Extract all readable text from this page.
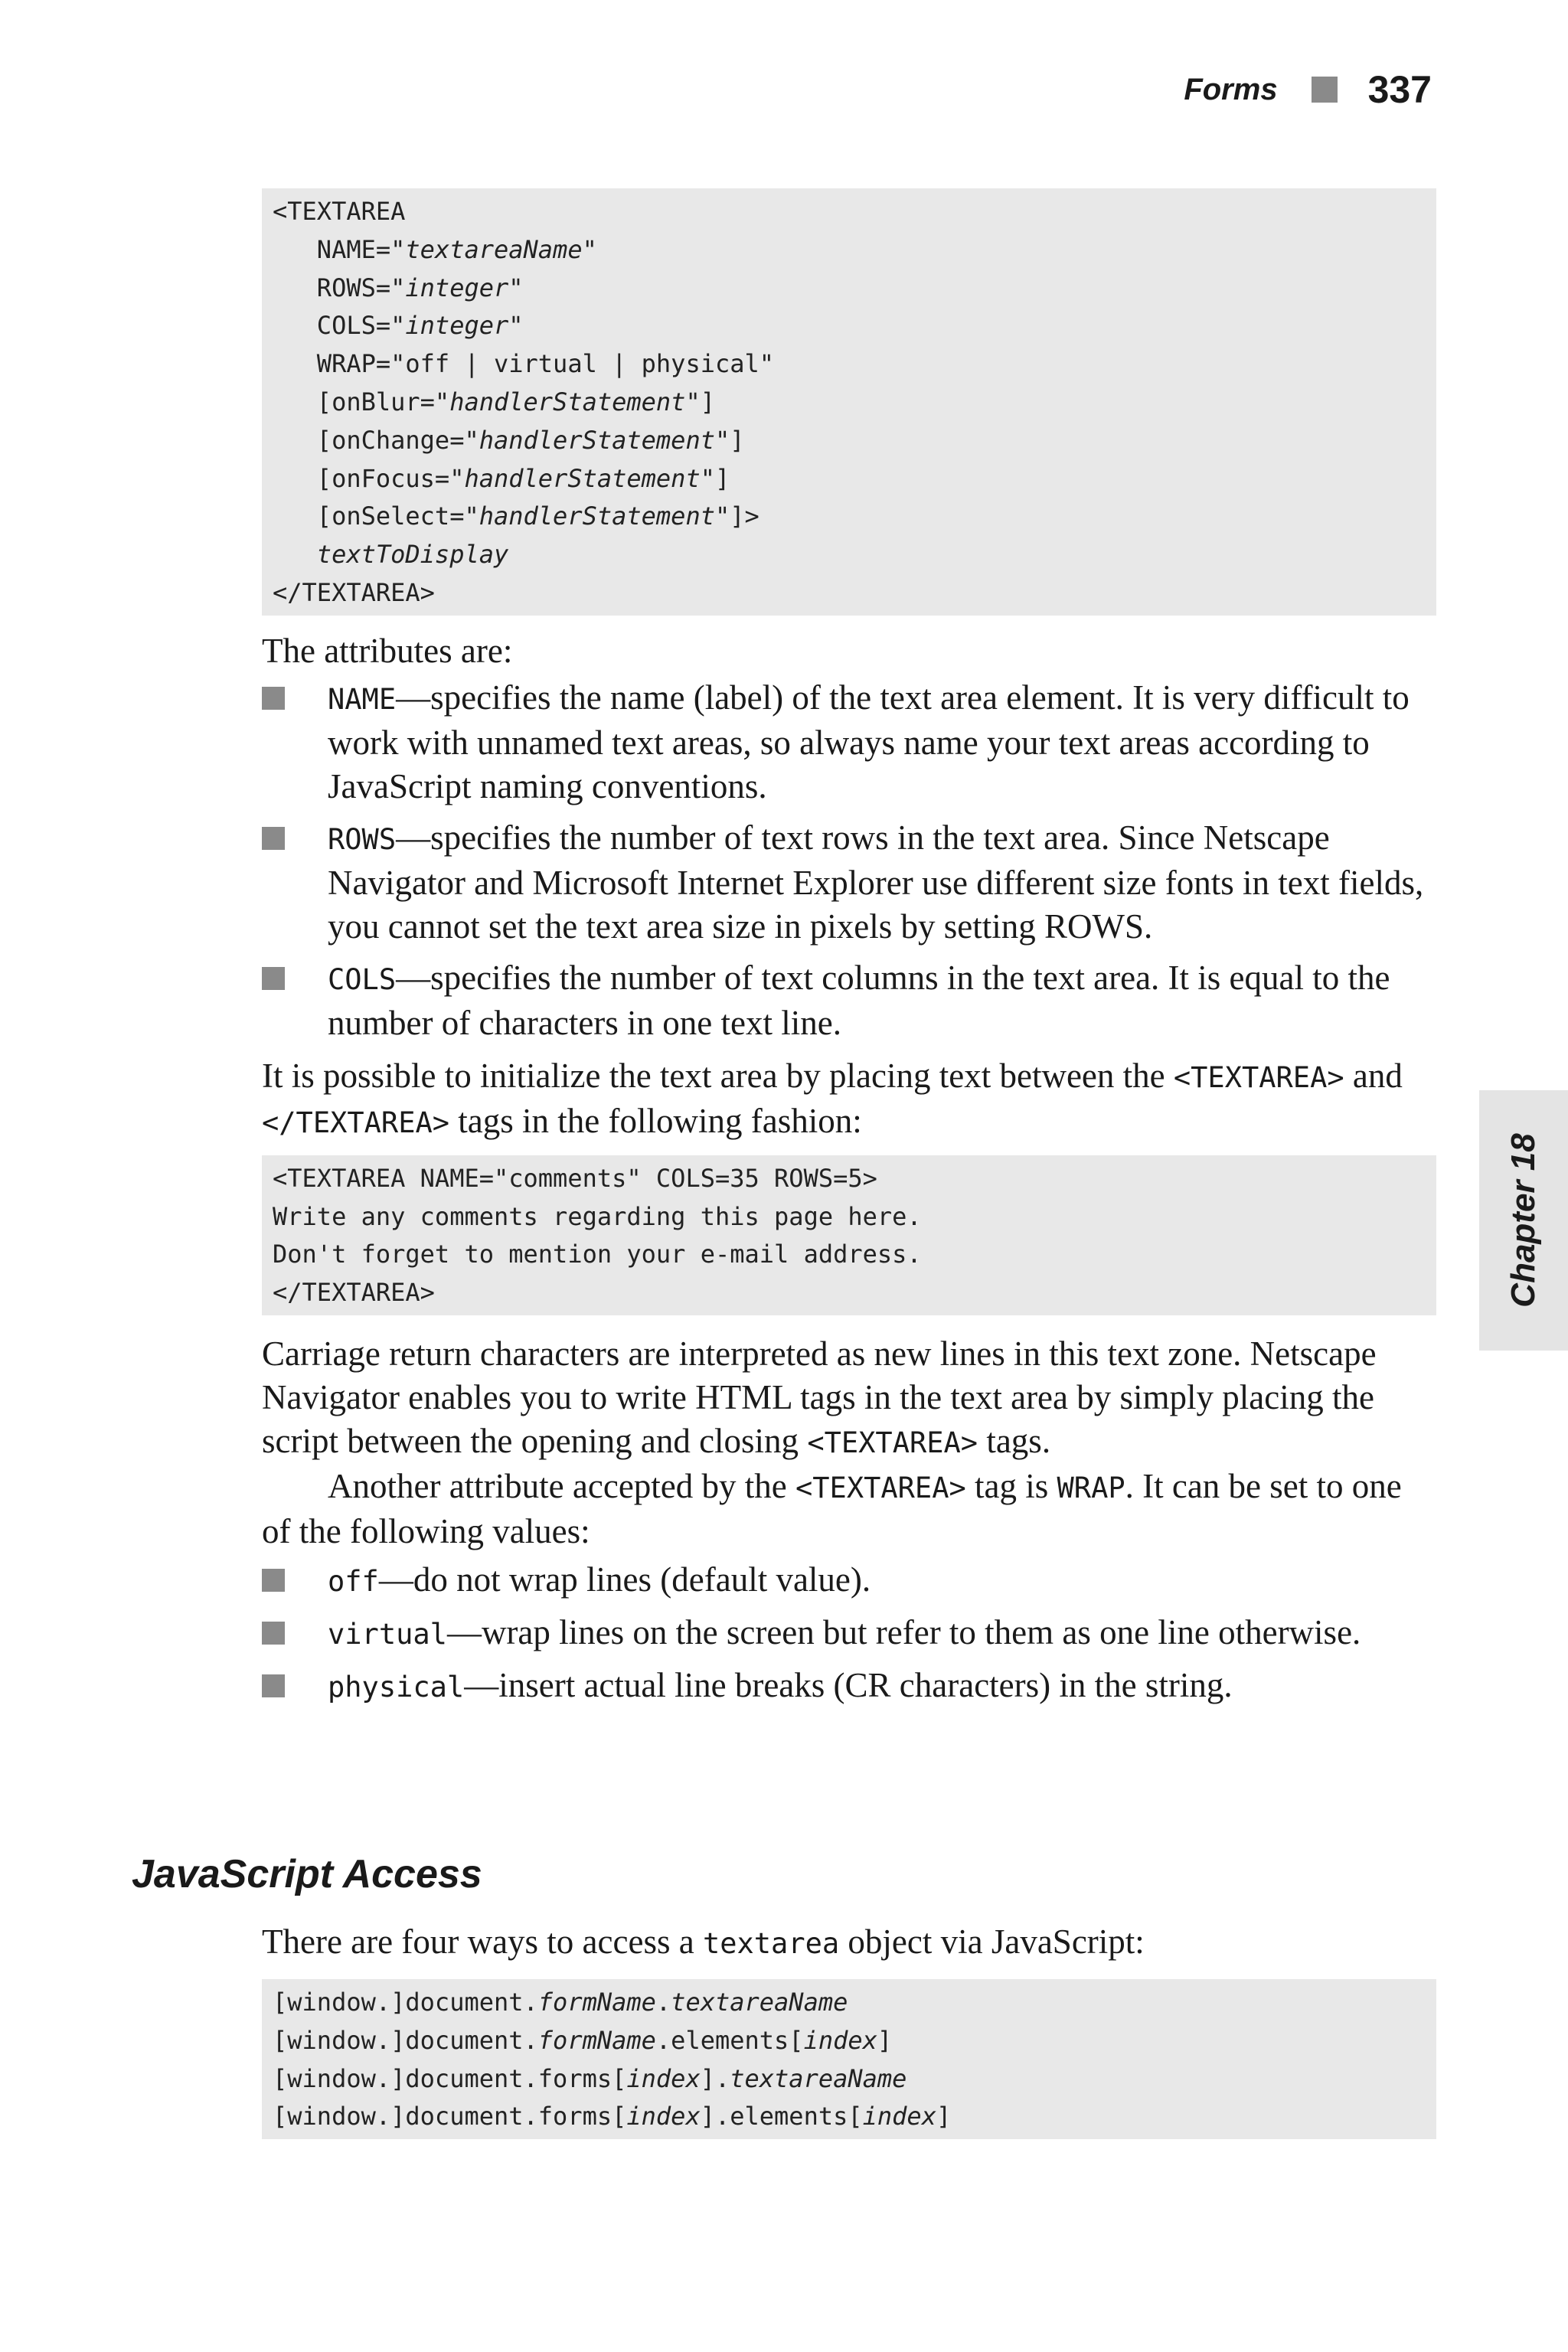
Forms 337
Chapter 18
<TEXTAREA
NAME="textareaName"
ROWS="integer"
COLS="integer"
WRAP="off | virtual | physical"
[onBlur="handlerStatement"]
[onChange="handlerStatement"]
[onFocus="handlerStatement"]
[onSelect="handlerStatement"]>
textToDisplay
</TEXTAREA>

The attributes are:

NAME—specifies the name (label) of the text area element. It is very difficult to work with unnamed text areas, so always name your text areas according to JavaScript naming conventions.
ROWS—specifies the number of text rows in the text area. Since Netscape Navigator and Microsoft Internet Explorer use different size fonts in text fields, you cannot set the text area size in pixels by setting ROWS.
COLS—specifies the number of text columns in the text area. It is equal to the number of characters in one text line.

It is possible to initialize the text area by placing text between the <TEXTAREA> and </TEXTAREA> tags in the following fashion:

<TEXTAREA NAME="comments" COLS=35 ROWS=5>
Write any comments regarding this page here.
Don't forget to mention your e-mail address.
</TEXTAREA>

Carriage return characters are interpreted as new lines in this text zone. Netscape Navigator enables you to write HTML tags in the text area by simply placing the script between the opening and closing <TEXTAREA> tags.

Another attribute accepted by the <TEXTAREA> tag is WRAP. It can be set to one of the following values:

off—do not wrap lines (default value).
virtual—wrap lines on the screen but refer to them as one line otherwise.
physical—insert actual line breaks (CR characters) in the string.
JavaScript Access

There are four ways to access a textarea object via JavaScript:

[window.]document.formName.textareaName
[window.]document.formName.elements[index]
[window.]document.forms[index].textareaName
[window.]document.forms[index].elements[index]
